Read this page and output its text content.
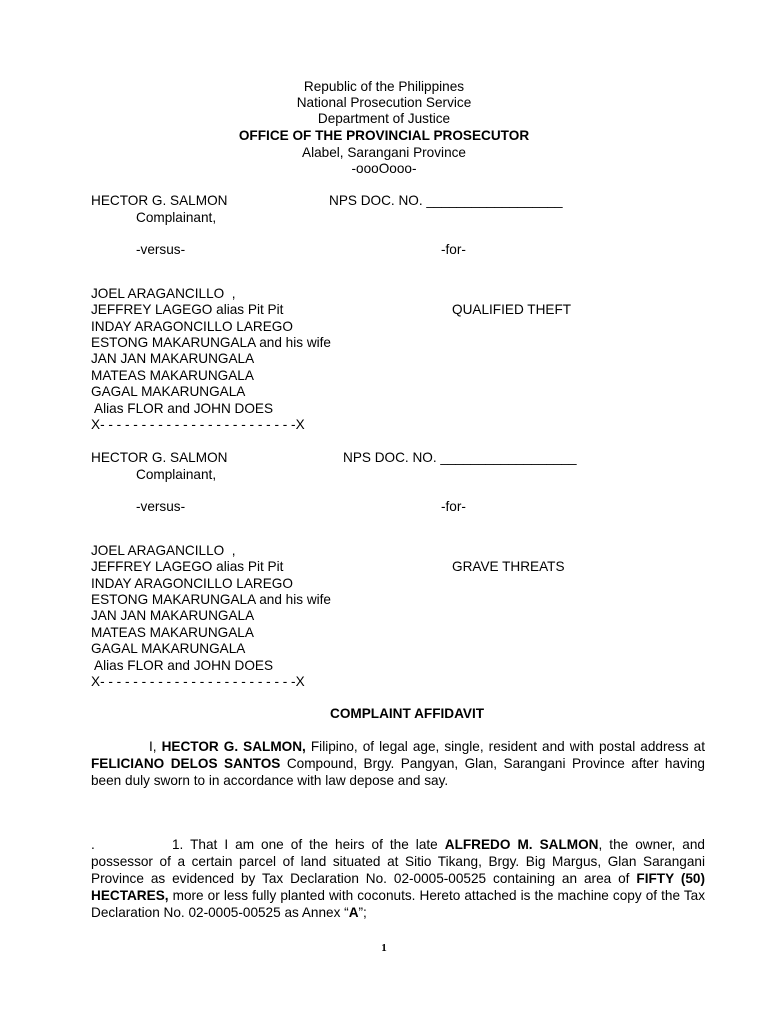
Republic of the Philippines
National Prosecution Service
Department of Justice
OFFICE OF THE PROVINCIAL PROSECUTOR
Alabel, Sarangani Province
-oooOooo-
HECTOR G. SALMON	NPS DOC. NO. __________________
Complainant,
-versus-	-for-
JOEL ARAGANCILLO  ,
JEFFREY LAGEGO alias Pit Pit	QUALIFIED THEFT
INDAY ARAGONCILLO LAREGO
ESTONG MAKARUNGALA and his wife
JAN JAN MAKARUNGALA
MATEAS MAKARUNGALA
GAGAL MAKARUNGALA
Alias FLOR and JOHN DOES
X- - - - - - - - - - - - - - - - - - - - - - - -X
HECTOR G. SALMON	NPS DOC. NO. __________________
Complainant,
-versus-	-for-
JOEL ARAGANCILLO  ,
JEFFREY LAGEGO alias Pit Pit	GRAVE THREATS
INDAY ARAGONCILLO LAREGO
ESTONG MAKARUNGALA and his wife
JAN JAN MAKARUNGALA
MATEAS MAKARUNGALA
GAGAL MAKARUNGALA
Alias FLOR and JOHN DOES
X- - - - - - - - - - - - - - - - - - - - - - - -X
COMPLAINT AFFIDAVIT
I, HECTOR G. SALMON, Filipino, of legal age, single, resident and with postal address at FELICIANO DELOS SANTOS Compound, Brgy. Pangyan, Glan, Sarangani Province after having been duly sworn to in accordance with law depose and say.
.	1. That I am one of the heirs of the late ALFREDO M. SALMON, the owner, and possessor of a certain parcel of land situated at Sitio Tikang, Brgy. Big Margus, Glan Sarangani Province as evidenced by Tax Declaration No. 02-0005-00525 containing an area of FIFTY (50) HECTARES, more or less fully planted with coconuts. Hereto attached is the machine copy of the Tax Declaration No. 02-0005-00525 as Annex “A”;
1
